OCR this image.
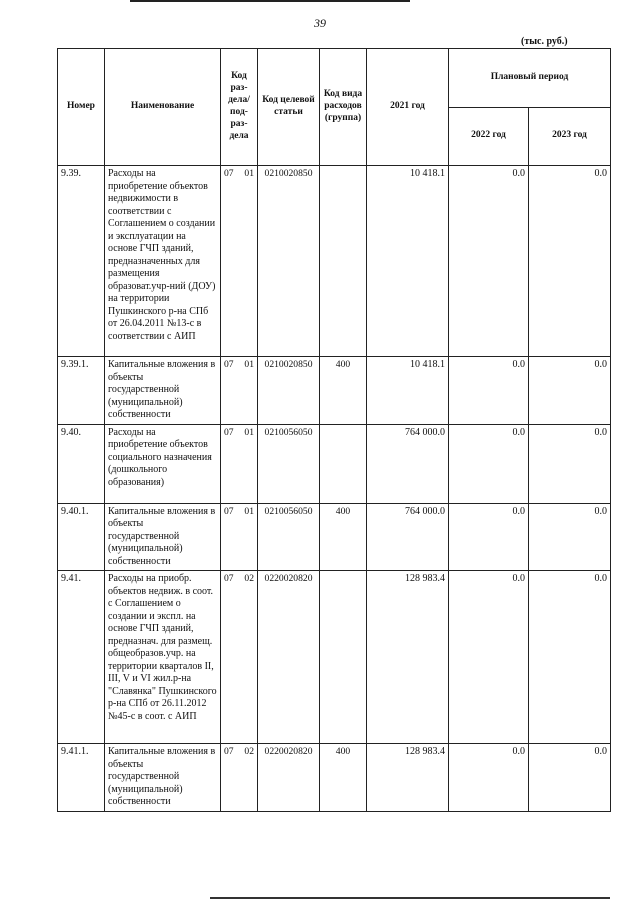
39
(тыс. руб.)
Номер	Наименование	Код раз-дела/под-раз-дела	Код целевой статьи	Код вида расходов (группа)	2021 год	Плановый период	
						2022 год	2023 год
9.39.	Расходы на приобретение объектов недвижимости в соответствии с Соглашением о создании и эксплуатации на основе ГЧП зданий, предназначенных для размещения образоват.учр-ний (ДОУ) на территории Пушкинского р-на СПб от 26.04.2011 №13-с в соответствии с АИП	07 01	0210020850		10 418.1	0.0	0.0
9.39.1.	Капитальные вложения в объекты государственной (муниципальной) собственности	07 01	0210020850	400	10 418.1	0.0	0.0
9.40.	Расходы на приобретение объектов социального назначения (дошкольного образования)	07 01	0210056050		764 000.0	0.0	0.0
9.40.1.	Капитальные вложения в объекты государственной (муниципальной) собственности	07 01	0210056050	400	764 000.0	0.0	0.0
9.41.	Расходы на приобр. объектов недвиж. в соот. с Соглашением о создании и экспл. на основе ГЧП зданий, предназнач. для размещ. общеобразов.учр. на территории кварталов II, III, V и VI жил.р-на "Славянка" Пушкинского р-на СПб от 26.11.2012 №45-с в соот. с АИП	07 02	0220020820		128 983.4	0.0	0.0
9.41.1.	Капитальные вложения в объекты государственной (муниципальной) собственности	07 02	0220020820	400	128 983.4	0.0	0.0
